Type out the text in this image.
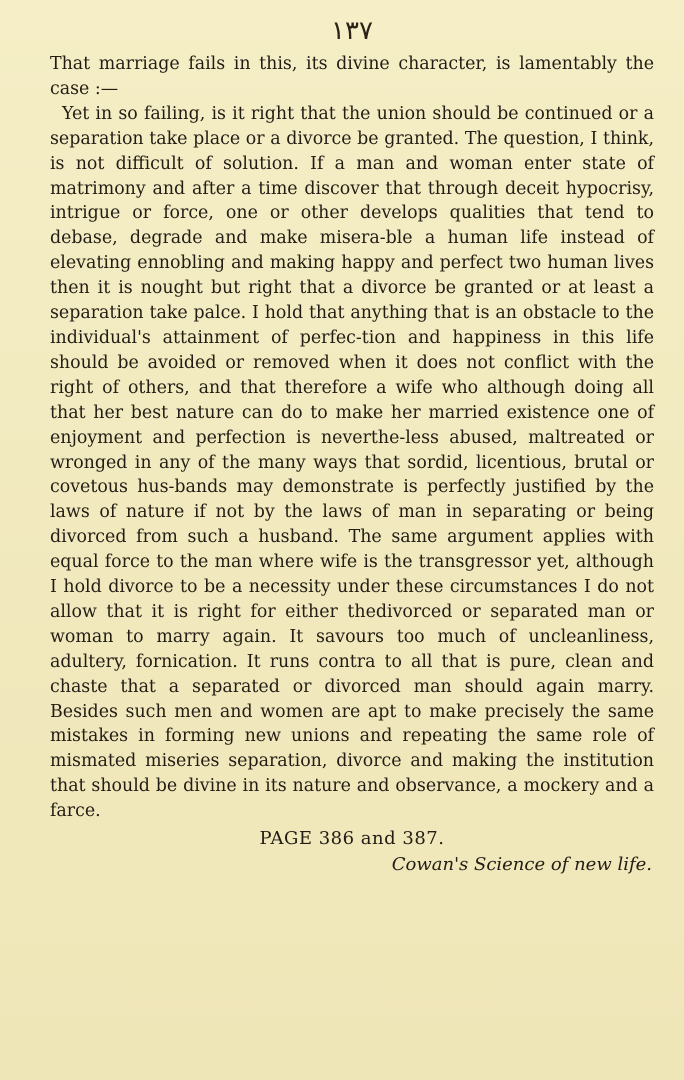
١٣٧

That marriage fails in this, its divine character, is lamentably the case :—

Yet in so failing, is it right that the union should be continued or a separation take place or a divorce be granted. The question, I think, is not difficult of solution. If a man and woman enter state of matrimony and after a time discover that through deceit hypocrisy, intrigue or force, one or other develops qualities that tend to debase, degrade and make misera-ble a human life instead of elevating ennobling and making happy and perfect two human lives then it is nought but right that a divorce be granted or at least a separation take palce. I hold that anything that is an obstacle to the individual's attainment of perfec-tion and happiness in this life should be avoided or removed when it does not conflict with the right of others, and that therefore a wife who although doing all that her best nature can do to make her married existence one of enjoyment and perfection is neverthe-less abused, maltreated or wronged in any of the many ways that sordid, licentious, brutal or covetous hus-bands may demonstrate is perfectly justified by the laws of nature if not by the laws of man in separating or being divorced from such a husband. The same argument applies with equal force to the man where wife is the transgressor yet, although I hold divorce to be a necessity under these circumstances I do not allow that it is right for either thedivorced or separated man or woman to marry again. It savours too much of uncleanliness, adultery, fornication. It runs contra to all that is pure, clean and chaste that a separated or divorced man should again marry. Besides such men and women are apt to make precisely the same mistakes in forming new unions and repeating the same role of mismated miseries separation, divorce and making the institution that should be divine in its nature and observance, a mockery and a farce.

PAGE 386 and 387.
Cowan's Science of new life.
